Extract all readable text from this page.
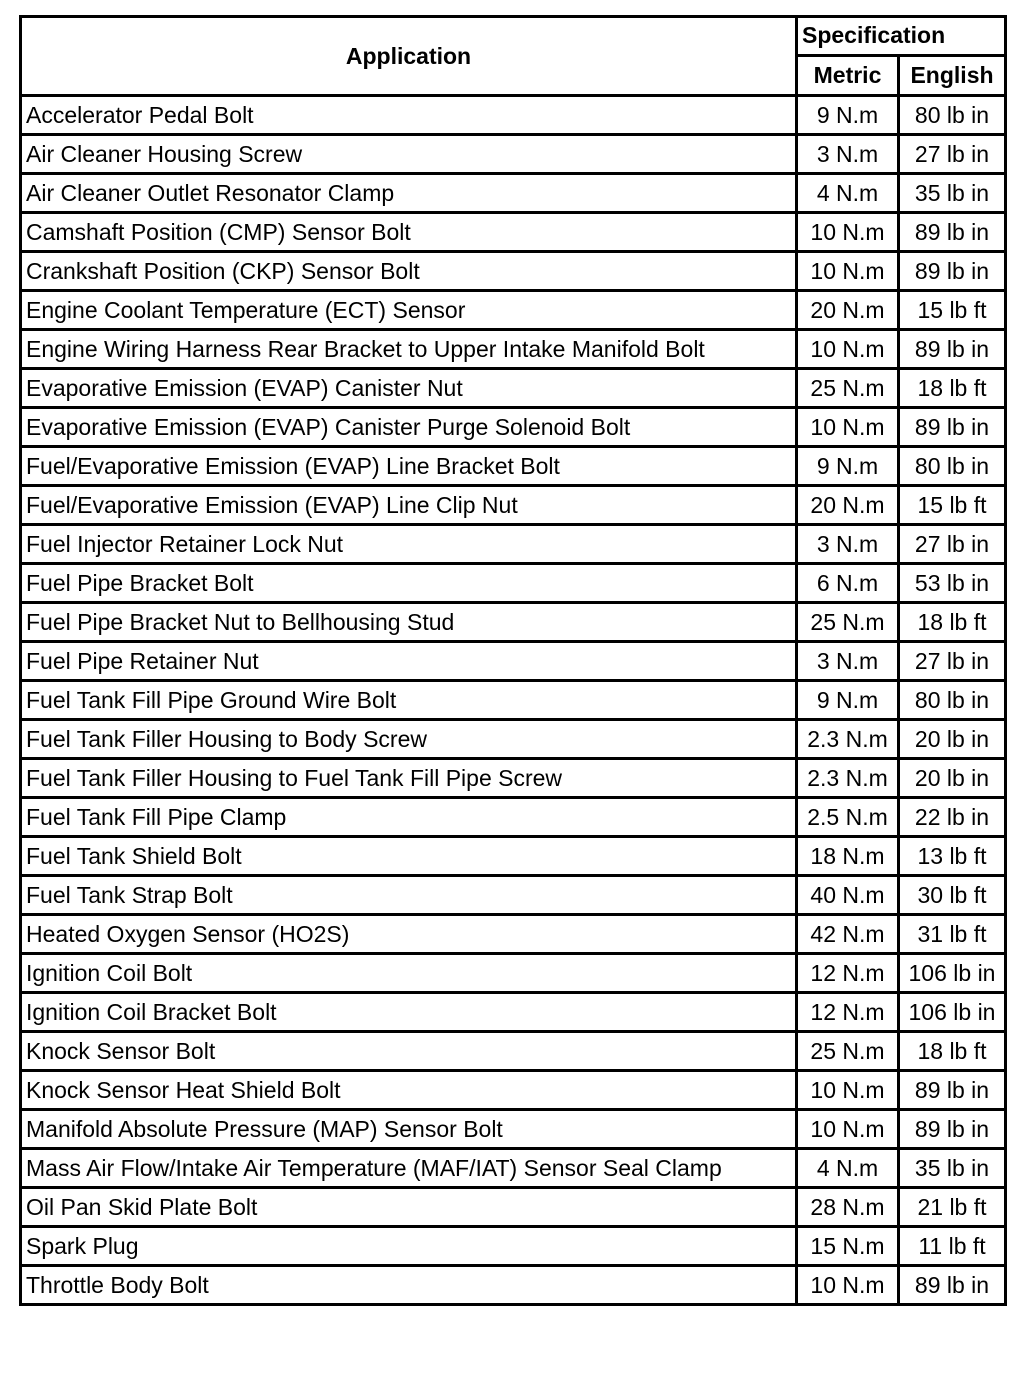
Application	Specification	
	Metric	English
Accelerator Pedal Bolt	9 N.m	80 lb in
Air Cleaner Housing Screw	3 N.m	27 lb in
Air Cleaner Outlet Resonator Clamp	4 N.m	35 lb in
Camshaft Position (CMP) Sensor Bolt	10 N.m	89 lb in
Crankshaft Position (CKP) Sensor Bolt	10 N.m	89 lb in
Engine Coolant Temperature (ECT) Sensor	20 N.m	15 lb ft
Engine Wiring Harness Rear Bracket to Upper Intake Manifold Bolt	10 N.m	89 lb in
Evaporative Emission (EVAP) Canister Nut	25 N.m	18 lb ft
Evaporative Emission (EVAP) Canister Purge Solenoid Bolt	10 N.m	89 lb in
Fuel/Evaporative Emission (EVAP) Line Bracket Bolt	9 N.m	80 lb in
Fuel/Evaporative Emission (EVAP) Line Clip Nut	20 N.m	15 lb ft
Fuel Injector Retainer Lock Nut	3 N.m	27 lb in
Fuel Pipe Bracket Bolt	6 N.m	53 lb in
Fuel Pipe Bracket Nut to Bellhousing Stud	25 N.m	18 lb ft
Fuel Pipe Retainer Nut	3 N.m	27 lb in
Fuel Tank Fill Pipe Ground Wire Bolt	9 N.m	80 lb in
Fuel Tank Filler Housing to Body Screw	2.3 N.m	20 lb in
Fuel Tank Filler Housing to Fuel Tank Fill Pipe Screw	2.3 N.m	20 lb in
Fuel Tank Fill Pipe Clamp	2.5 N.m	22 lb in
Fuel Tank Shield Bolt	18 N.m	13 lb ft
Fuel Tank Strap Bolt	40 N.m	30 lb ft
Heated Oxygen Sensor (HO2S)	42 N.m	31 lb ft
Ignition Coil Bolt	12 N.m	106 lb in
Ignition Coil Bracket Bolt	12 N.m	106 lb in
Knock Sensor Bolt	25 N.m	18 lb ft
Knock Sensor Heat Shield Bolt	10 N.m	89 lb in
Manifold Absolute Pressure (MAP) Sensor Bolt	10 N.m	89 lb in
Mass Air Flow/Intake Air Temperature (MAF/IAT) Sensor Seal Clamp	4 N.m	35 lb in
Oil Pan Skid Plate Bolt	28 N.m	21 lb ft
Spark Plug	15 N.m	11 lb ft
Throttle Body Bolt	10 N.m	89 lb in
